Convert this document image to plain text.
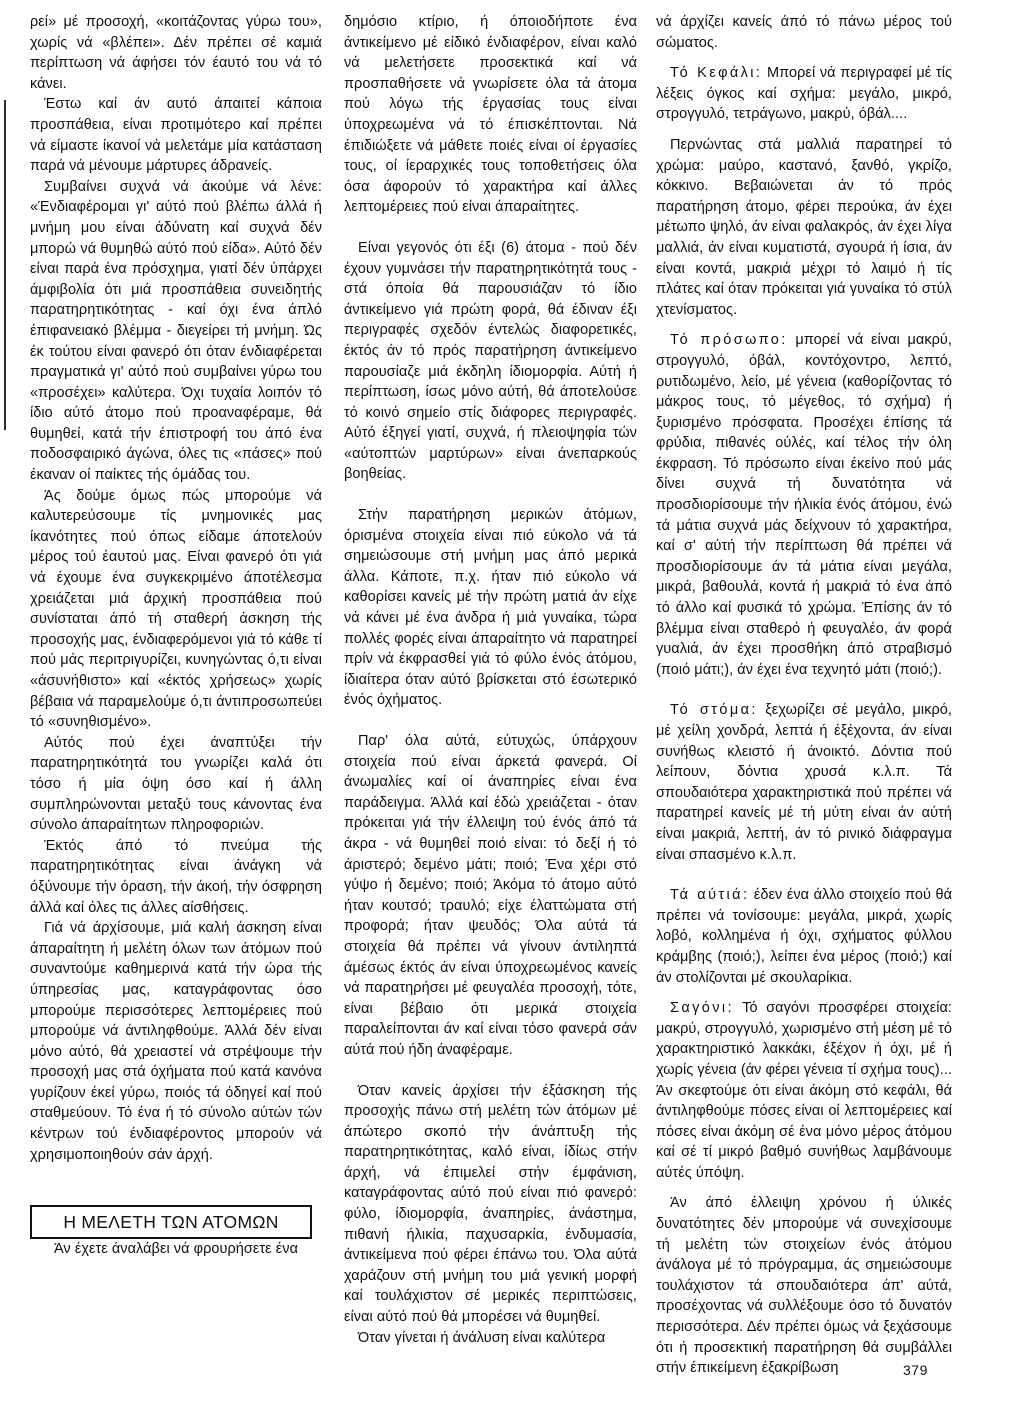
ρεί» μέ προσοχή, «κοιτάζοντας γύρω του», χωρίς νά «βλέπει». Δέν πρέπει σέ καμιά περίπτωση νά άφήσει τόν έαυτό του νά τό κάνει.

Έστω καί άν αυτό άπαιτεί κάποια προσπάθεια, είναι προτιμότερο καί πρέπει νά είμαστε ίκανοί νά μελετάμε μία κατάσταση παρά νά μένουμε μάρτυρες άδρανείς.

Συμβαίνει συχνά νά άκούμε νά λένε: «Ένδιαφέρομαι γι' αύτό πού βλέπω άλλά ή μνήμη μου είναι άδύνατη καί συχνά δέν μπορώ νά θυμηθώ αύτό πού είδα». Αύτό δέν είναι παρά ένα πρόσχημα, γιατί δέν ύπάρχει άμφιβολία ότι μιά προσπάθεια συνειδητής παρατηρητικότητας - καί όχι ένα άπλό έπιφανειακό βλέμμα - διεγείρει τή μνήμη. Ώς έκ τούτου είναι φανερό ότι όταν ένδιαφέρεται πραγματικά γι' αύτό πού συμβαίνει γύρω του «προσέχει» καλύτερα. Όχι τυχαία λοιπόν τό ίδιο αύτό άτομο πού προαναφέραμε, θά θυμηθεί, κατά τήν έπιστροφή του άπό ένα ποδοσφαιρικό άγώνα, όλες τις «πάσες» πού έκαναν οί παίκτες τής όμάδας του.

Άς δούμε όμως πώς μπορούμε νά καλυτερεύσουμε τίς μνημονικές μας ίκανότητες πού όπως είδαμε άποτελούν μέρος τού έαυτού μας. Είναι φανερό ότι γιά νά έχουμε ένα συγκεκριμένο άποτέλεσμα χρειάζεται μιά άρχική προσπάθεια πού συνίσταται άπό τή σταθερή άσκηση τής προσοχής μας, ένδιαφερόμενοι γιά τό κάθε τί πού μάς περιτριγυρίζει, κυνηγώντας ό,τι είναι «άσυνήθιστο» καί «έκτός χρήσεως» χωρίς βέβαια νά παραμελούμε ό,τι άντιπροσωπεύει τό «συνηθισμένο».

Αύτός πού έχει άναπτύξει τήν παρατηρητικότητά του γνωρίζει καλά ότι τόσο ή μία όψη όσο καί ή άλλη συμπληρώνονται μεταξύ τους κάνοντας ένα σύνολο άπαραίτητων πληροφοριών.

Έκτός άπό τό πνεύμα τής παρατηρητικότητας είναι άνάγκη νά όξύνουμε τήν όραση, τήν άκοή, τήν όσφρηση άλλά καί όλες τις άλλες αίσθήσεις.

Γιά νά άρχίσουμε, μιά καλή άσκηση είναι άπαραίτητη ή μελέτη όλων των άτόμων πού συναντούμε καθημερινά κατά τήν ώρα τής ύπηρεσίας μας, καταγράφοντας όσο μπορούμε περισσότερες λεπτομέρειες πού μπορούμε νά άντιληφθούμε. Άλλά δέν είναι μόνο αύτό, θά χρειαστεί νά στρέψουμε τήν προσοχή μας στά όχήματα πού κατά κανόνα γυρίζουν έκεί γύρω, ποιός τά όδηγεί καί πού σταθμεύουν. Τό ένα ή τό σύνολο αύτών τών κέντρων τού ένδιαφέροντος μπορούν νά χρησιμοποιηθούν σάν άρχή.

Η ΜΕΛΕΤΗ ΤΩΝ ΑΤΟΜΩΝ

Άν έχετε άναλάβει νά φρουρήσετε ένα

δημόσιο κτίριο, ή όποιοδήποτε ένα άντικείμενο μέ είδικό ένδιαφέρον, είναι καλό νά μελετήσετε προσεκτικά καί νά προσπαθήσετε νά γνωρίσετε όλα τά άτομα πού λόγω τής έργασίας τους είναι ύποχρεωμένα νά τό έπισκέπτονται. Νά έπιδιώξετε νά μάθετε ποιές είναι οί έργασίες τους, οί ίεραρχικές τους τοποθετήσεις όλα όσα άφορούν τό χαρακτήρα καί άλλες λεπτομέρειες πού είναι άπαραίτητες.

Είναι γεγονός ότι έξι (6) άτομα - πού δέν έχουν γυμνάσει τήν παρατηρητικότητά τους - στά όποία θά παρουσιάζαν τό ίδιο άντικείμενο γιά πρώτη φορά, θά έδιναν έξι περιγραφές σχεδόν έντελώς διαφορετικές, έκτός άν τό πρός παρατήρηση άντικείμενο παρουσίαζε μιά έκδηλη ίδιομορφία. Αύτή ή περίπτωση, ίσως μόνο αύτή, θά άποτελούσε τό κοινό σημείο στίς διάφορες περιγραφές. Αύτό έξηγεί γιατί, συχνά, ή πλειοψηφία τών «αύτοπτών μαρτύρων» είναι άνεπαρκούς βοηθείας.

Στήν παρατήρηση μερικών άτόμων, όρισμένα στοιχεία είναι πιό εύκολο νά τά σημειώσουμε στή μνήμη μας άπό μερικά άλλα. Κάποτε, π.χ. ήταν πιό εύκολο νά καθορίσει κανείς μέ τήν πρώτη ματιά άν είχε νά κάνει μέ ένα άνδρα ή μιά γυναίκα, τώρα πολλές φορές είναι άπαραίτητο νά παρατηρεί πρίν νά έκφρασθεί γιά τό φύλο ένός άτόμου, ίδιαίτερα όταν αύτό βρίσκεται στό έσωτερικό ένός όχήματος.

Παρ' όλα αύτά, εύτυχώς, ύπάρχουν στοιχεία πού είναι άρκετά φανερά. Οί άνωμαλίες καί οί άναπηρίες είναι ένα παράδειγμα. Άλλά καί έδώ χρειάζεται - όταν πρόκειται γιά τήν έλλειψη τού ένός άπό τά άκρα - νά θυμηθεί ποιό είναι: τό δεξί ή τό άριστερό; δεμένο μάτι; ποιό; Ένα χέρι στό γύψο ή δεμένο; ποιό; Άκόμα τό άτομο αύτό ήταν κουτσό; τραυλό; είχε έλαττώματα στή προφορά; ήταν ψευδός; Όλα αύτά τά στοιχεία θά πρέπει νά γίνουν άντιληπτά άμέσως έκτός άν είναι ύποχρεωμένος κανείς νά παρατηρήσει μέ φευγαλέα προσοχή, τότε, είναι βέβαιο ότι μερικά στοιχεία παραλείπονται άν καί είναι τόσο φανερά σάν αύτά πού ήδη άναφέραμε.

Όταν κανείς άρχίσει τήν έξάσκηση τής προσοχής πάνω στή μελέτη τών άτόμων μέ άπώτερο σκοπό τήν άνάπτυξη τής παρατηρητικότητας, καλό είναι, ίδίως στήν άρχή, νά έπιμελεί στήν έμφάνιση, καταγράφοντας αύτό πού είναι πιό φανερό: φύλο, ίδιομορφία, άναπηρίες, άνάστημα, πιθανή ήλικία, παχυσαρκία, ένδυμασία, άντικείμενα πού φέρει έπάνω του. Όλα αύτά χαράζουν στή μνήμη του μιά γενική μορφή καί τουλάχιστον σέ μερικές περιπτώσεις, είναι αύτό πού θά μπορέσει νά θυμηθεί.

Όταν γίνεται ή άνάλυση είναι καλύτερα

νά άρχίζει κανείς άπό τό πάνω μέρος τού σώματος.

Τό Κεφάλι: Μπορεί νά περιγραφεί μέ τίς λέξεις όγκος καί σχήμα: μεγάλο, μικρό, στρογγυλό, τετράγωνο, μακρύ, όβάλ....

Περνώντας στά μαλλιά παρατηρεί τό χρώμα: μαύρο, καστανό, ξανθό, γκρίζο, κόκκινο. Βεβαιώνεται άν τό πρός παρατήρηση άτομο, φέρει περούκα, άν έχει μέτωπο ψηλό, άν είναι φαλακρός, άν έχει λίγα μαλλιά, άν είναι κυματιστά, σγουρά ή ίσια, άν είναι κοντά, μακριά μέχρι τό λαιμό ή τίς πλάτες καί όταν πρόκειται γιά γυναίκα τό στύλ χτενίσματος.

Τό πρόσωπο: μπορεί νά είναι μακρύ, στρογγυλό, όβάλ, κοντόχοντρο, λεπτό, ρυτιδωμένο, λείο, μέ γένεια (καθορίζοντας τό μάκρος τους, τό μέγεθος, τό σχήμα) ή ξυρισμένο πρόσφατα. Προσέχει έπίσης τά φρύδια, πιθανές ούλές, καί τέλος τήν όλη έκφραση. Τό πρόσωπο είναι έκείνο πού μάς δίνει συχνά τή δυνατότητα νά προσδιορίσουμε τήν ήλικία ένός άτόμου, ένώ τά μάτια συχνά μάς δείχνουν τό χαρακτήρα, καί σ' αύτή τήν περίπτωση θά πρέπει νά προσδιορίσουμε άν τά μάτια είναι μεγάλα, μικρά, βαθουλά, κοντά ή μακριά τό ένα άπό τό άλλο καί φυσικά τό χρώμα. Έπίσης άν τό βλέμμα είναι σταθερό ή φευγαλέο, άν φορά γυαλιά, άν έχει προσθήκη άπό στραβισμό (ποιό μάτι;), άν έχει ένα τεχνητό μάτι (ποιό;).

Τό στόμα: ξεχωρίζει σέ μεγάλο, μικρό, μέ χείλη χονδρά, λεπτά ή έξέχοντα, άν είναι συνήθως κλειστό ή άνοικτό. Δόντια πού λείπουν, δόντια χρυσά κ.λ.π. Τά σπουδαιότερα χαρακτηριστικά πού πρέπει νά παρατηρεί κανείς μέ τή μύτη είναι άν αύτή είναι μακριά, λεπτή, άν τό ρινικό διάφραγμα είναι σπασμένο κ.λ.π.

Τά αύτιά: έδεν ένα άλλο στοιχείο πού θά πρέπει νά τονίσουμε: μεγάλα, μικρά, χωρίς λοβό, κολλημένα ή όχι, σχήματος φύλλου κράμβης (ποιό;), λείπει ένα μέρος (ποιό;) καί άν στολίζονται μέ σκουλαρίκια.

Σαγόνι: Τό σαγόνι προσφέρει στοιχεία: μακρύ, στρογγυλό, χωρισμένο στή μέση μέ τό χαρακτηριστικό λακκάκι, έξέχον ή όχι, μέ ή χωρίς γένεια (άν φέρει γένεια τί σχήμα τους)... Άν σκεφτούμε ότι είναι άκόμη στό κεφάλι, θά άντιληφθούμε πόσες είναι οί λεπτομέρειες καί πόσες είναι άκόμη σέ ένα μόνο μέρος άτόμου καί σέ τί μικρό βαθμό συνήθως λαμβάνουμε αύτές ύπόψη.

Άν άπό έλλειψη χρόνου ή ύλικές δυνατότητες δέν μπορούμε νά συνεχίσουμε τή μελέτη τών στοιχείων ένός άτόμου άνάλογα μέ τό πρόγραμμα, άς σημειώσουμε τουλάχιστον τά σπουδαιότερα άπ' αύτά, προσέχοντας νά συλλέξουμε όσο τό δυνατόν περισσότερα. Δέν πρέπει όμως νά ξεχάσουμε ότι ή προσεκτική παρατήρηση θά συμβάλλει στήν έπικείμενη έξακρίβωση	379
